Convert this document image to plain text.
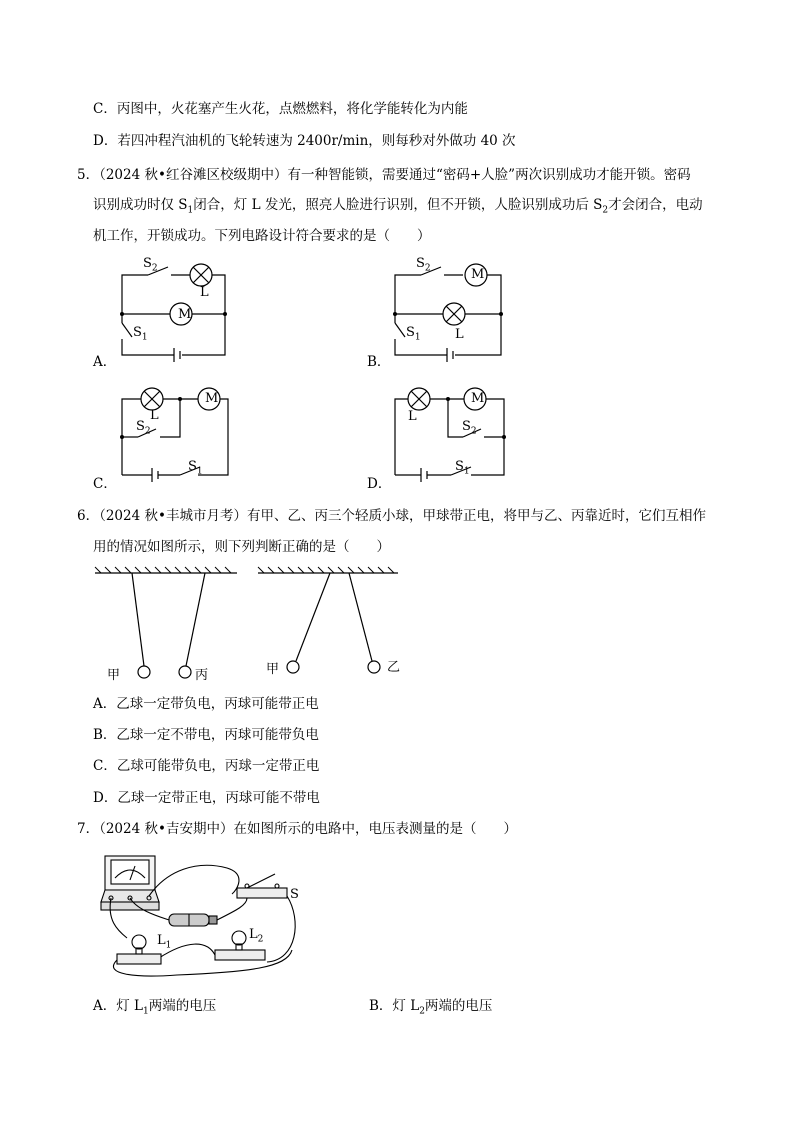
C．丙图中，火花塞产生火花，点燃燃料，将化学能转化为内能
D．若四冲程汽油机的飞轮转速为 2400r/min，则每秒对外做功 40 次
5．（2024 秋•红谷滩区校级期中）有一种智能锁，需要通过“密码+人脸”两次识别成功才能开锁。密码
识别成功时仅 $S_1$闭合，灯 L 发光，照亮人脸进行识别，但不开锁，人脸识别成功后 $S_2$才会闭合，电动
机工作，开锁成功。下列电路设计符合要求的是（　　）
M
L
$S_2$
$S_1$
A．
M
L
$S_2$
$S_1$
B．
M
L
$S_2$
$S_1$
C．
M
L
$S_2$
$S_1$
D．
6．（2024 秋•丰城市月考）有甲、乙、丙三个轻质小球，甲球带正电，将甲与乙、丙靠近时，它们互相作
用的情况如图所示，则下列判断正确的是（　　）
甲	丙	甲	乙
A．乙球一定带负电，丙球可能带正电
B．乙球一定不带电，丙球可能带负电
C．乙球可能带负电，丙球一定带正电
D．乙球一定带正电，丙球可能不带电
7．（2024 秋•吉安期中）在如图所示的电路中，电压表测量的是（　　）
S
$L_1$
$L_2$
A．灯 $L_1$两端的电压	B．灯 $L_2$两端的电压
